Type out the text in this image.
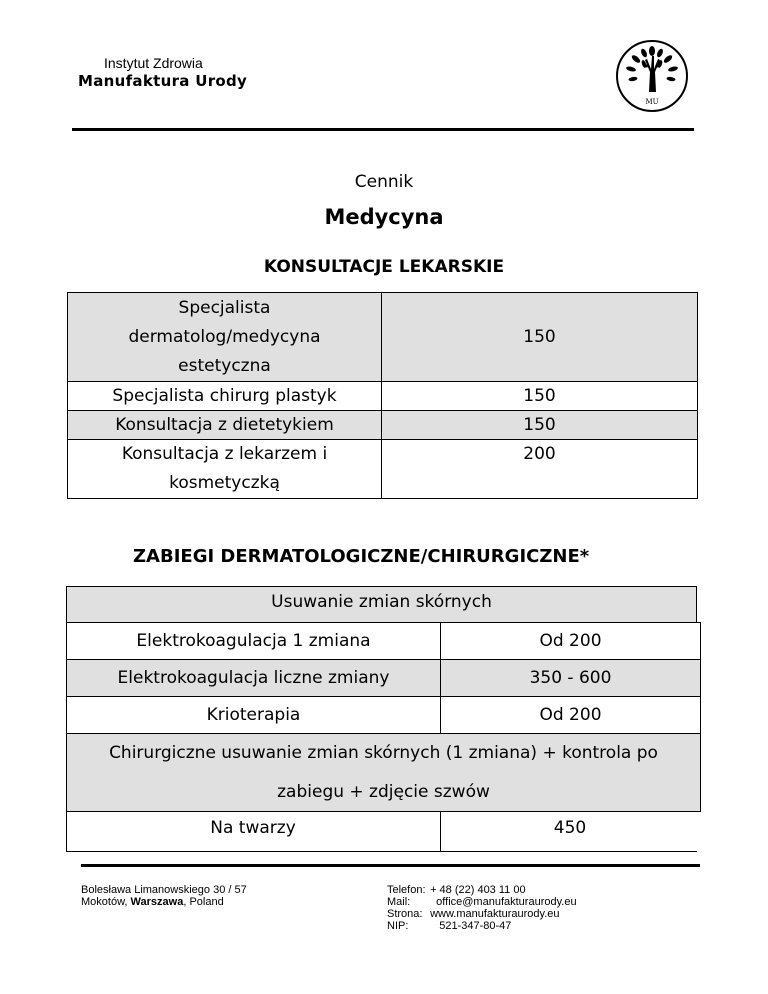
Instytut Zdrowia
Manufaktura Urody
MU
Cennik
Medycyna
KONSULTACJE LEKARSKIE
Specjalista
dermatolog/medycyna
estetyczna	150
Specjalista chirurg plastyk	150
Konsultacja z dietetykiem	150
Konsultacja z lekarzem i
kosmetyczką	200
ZABIEGI DERMATOLOGICZNE/CHIRURGICZNE*
Usuwanie zmian skórnych
Elektrokoagulacja 1 zmiana	Od 200
Elektrokoagulacja liczne zmiany	350 - 600
Krioterapia	Od 200
Chirurgiczne usuwanie zmian skórnych (1 zmiana) + kontrola po
zabiegu + zdjęcie szwów
Na twarzy	450
Bolesława Limanowskiego 30 / 57
Mokotów, Warszawa, Poland
Telefon: + 48 (22) 403 11 00
Mail: office@manufakturaurody.eu
Strona: www.manufakturaurody.eu
NIP:	521-347-80-47
